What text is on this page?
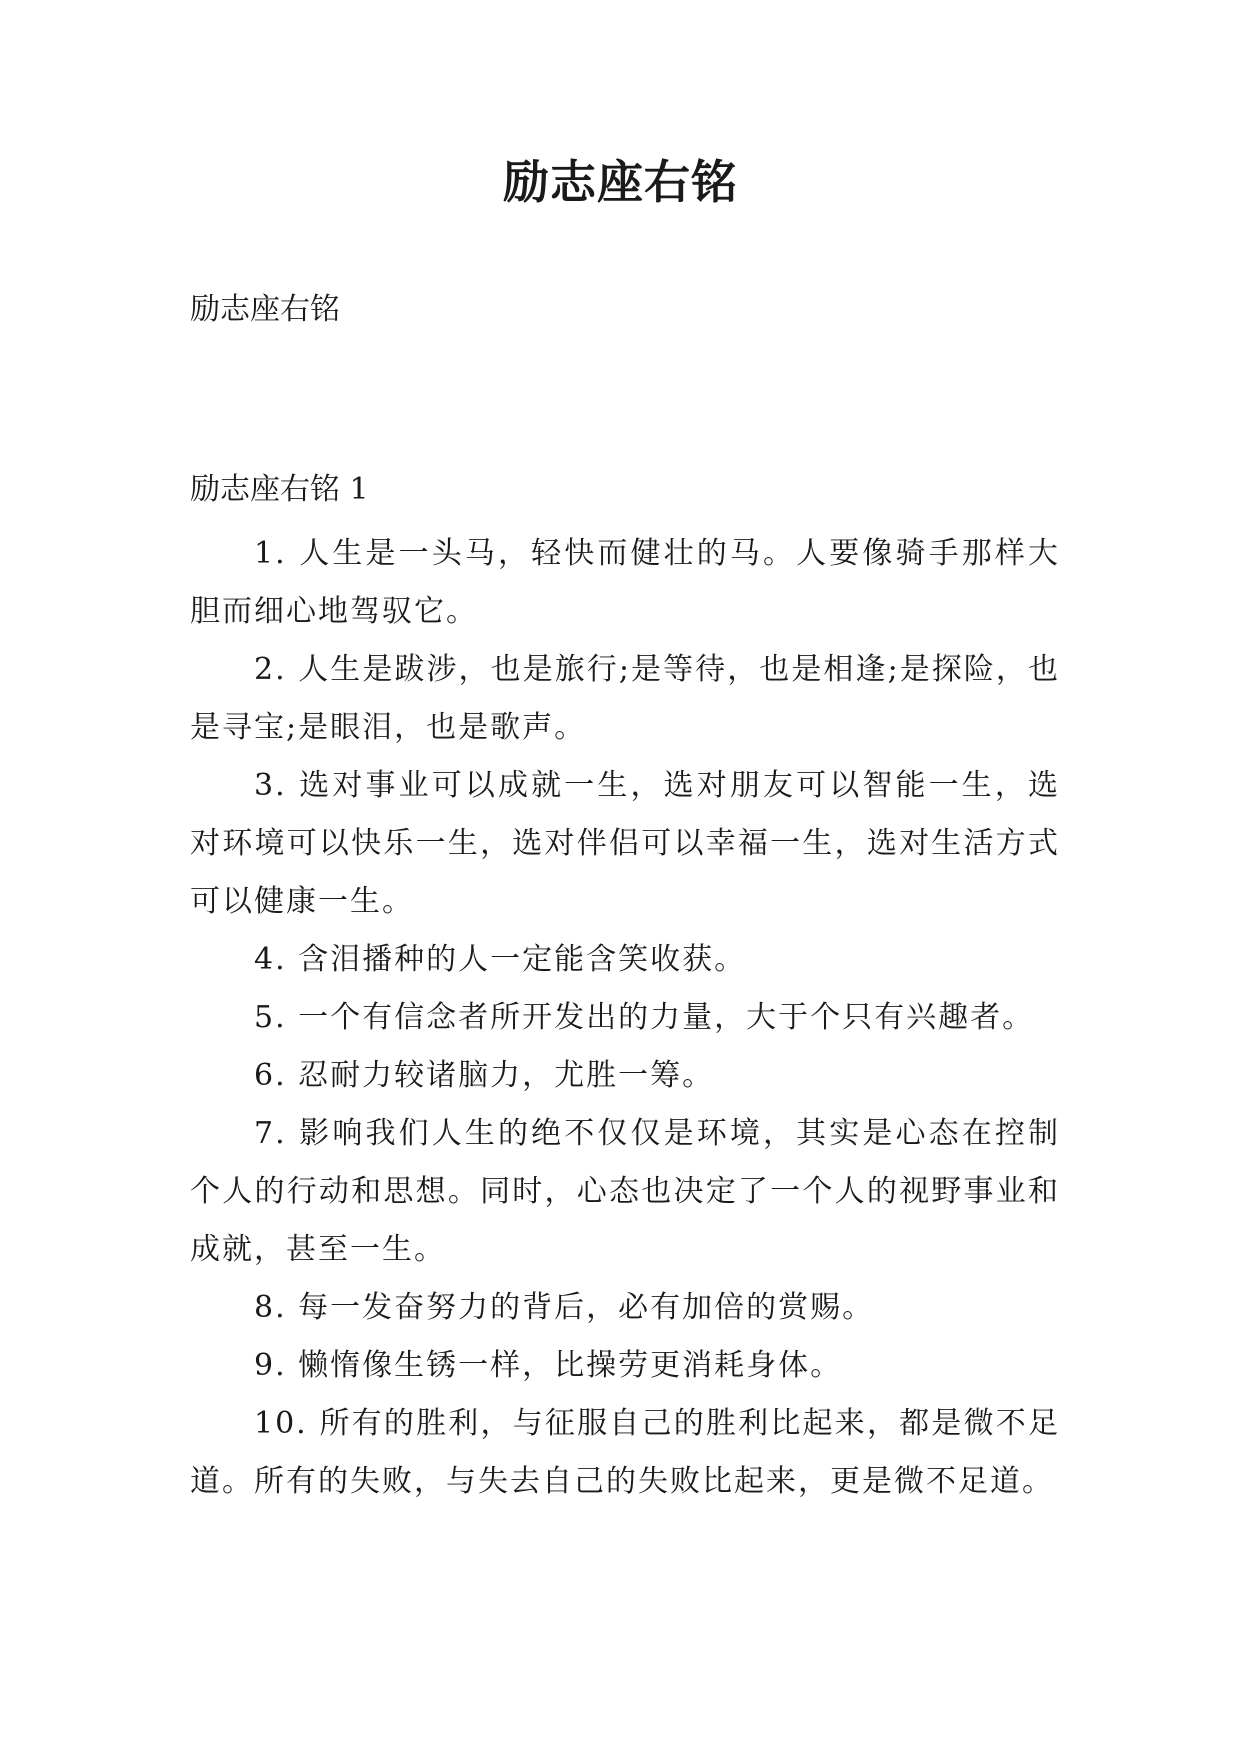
励志座右铭

励志座右铭

励志座右铭 1

1. 人生是一头马，轻快而健壮的马。人要像骑手那样大胆而细心地驾驭它。

2. 人生是跋涉，也是旅行;是等待，也是相逢;是探险，也是寻宝;是眼泪，也是歌声。

3. 选对事业可以成就一生，选对朋友可以智能一生，选对环境可以快乐一生，选对伴侣可以幸福一生，选对生活方式可以健康一生。

4. 含泪播种的人一定能含笑收获。

5. 一个有信念者所开发出的力量，大于个只有兴趣者。

6. 忍耐力较诸脑力，尤胜一筹。

7. 影响我们人生的绝不仅仅是环境，其实是心态在控制个人的行动和思想。同时，心态也决定了一个人的视野事业和成就，甚至一生。

8. 每一发奋努力的背后，必有加倍的赏赐。

9. 懒惰像生锈一样，比操劳更消耗身体。

10. 所有的胜利，与征服自己的胜利比起来，都是微不足道。所有的失败，与失去自己的失败比起来，更是微不足道。
